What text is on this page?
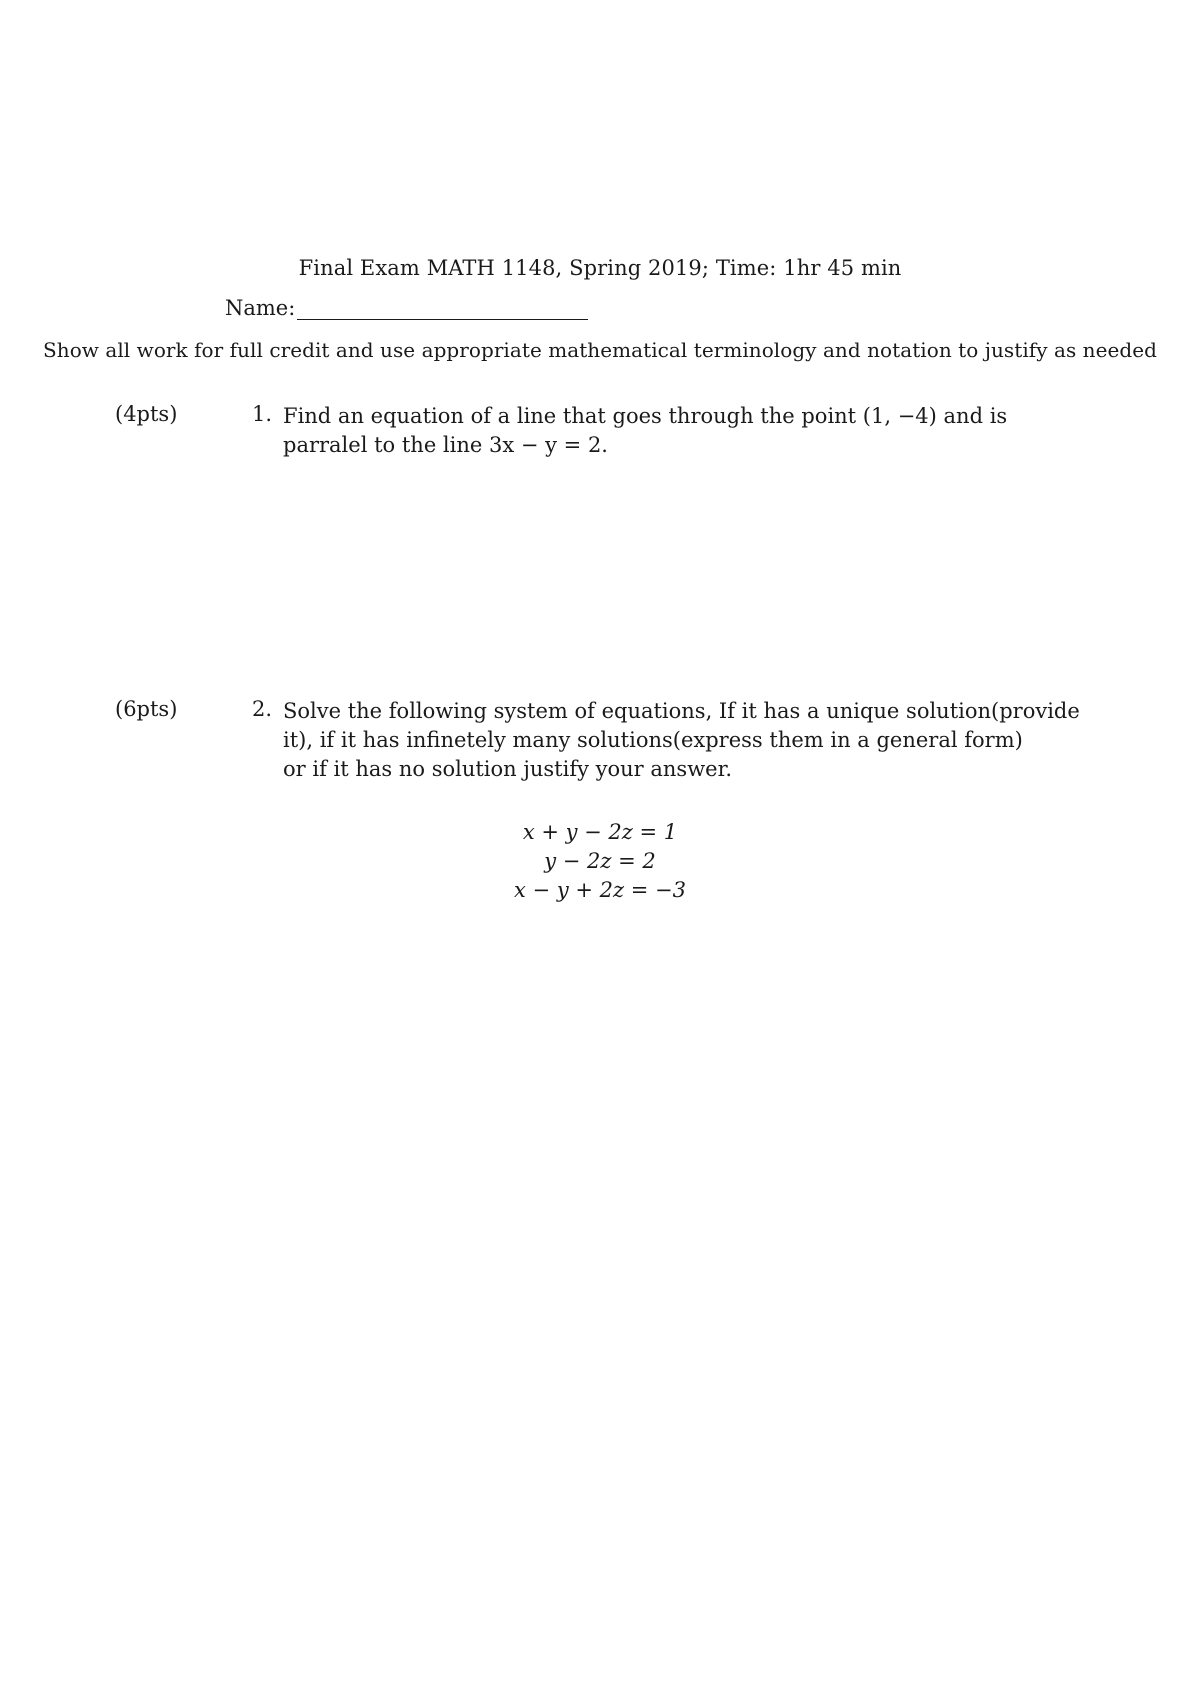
Final Exam MATH 1148, Spring 2019; Time: 1hr 45 min
Name:
Show all work for full credit and use appropriate mathematical terminology and notation to justify as needed
(4pts)	1. Find an equation of a line that goes through the point (1, −4) and is
parralel to the line 3x − y = 2.
(6pts)	2. Solve the following system of equations, If it has a unique solution(provide
it), if it has infinetely many solutions(express them in a general form)
or if it has no solution justify your answer.
x + y − 2z = 1
y − 2z = 2
x − y + 2z = −3
